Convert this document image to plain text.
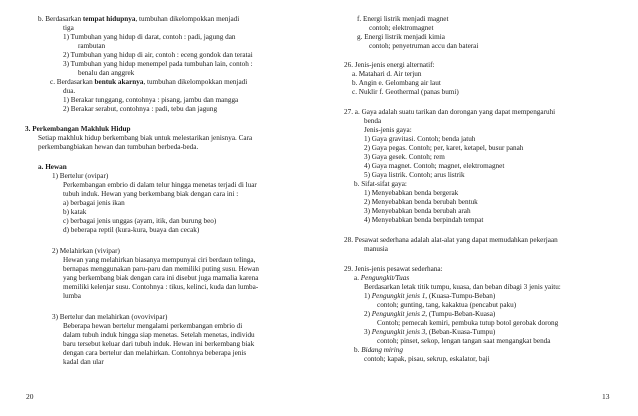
b. Berdasarkan tempat hidupnya, tumbuhan dikelompokkan menjadi
tiga
1) Tumbuhan yang hidup di darat, contoh : padi, jagung dan
rambutan
2) Tumbuhan yang hidup di air, contoh : eceng gondok dan teratai
3) Tumbuhan yang hidup menempel pada tumbuhan lain, contoh :
benalu dan anggrek
c. Berdasarkan bentuk akarnya, tumbuhan dikelompokkan menjadi
dua.
1) Berakar tunggang, contohnya : pisang, jambu dan mangga
2) Berakar serabut, contohnya : padi, tebu dan jagung
3. Perkembangan Makhluk Hidup
Setiap makhluk hidup berkembang biak untuk melestarikan jenisnya. Cara
perkembangbiakan hewan dan tumbuhan berbeda-beda.
a. Hewan
1) Bertelur (ovipar)
Perkembangan embrio di dalam telur hingga menetas terjadi di luar
tubuh induk. Hewan yang berkembang biak dengan cara ini :
a) berbagai jenis ikan
b) katak
c) berbagai jenis unggas (ayam, itik, dan burung beo)
d) beberapa reptil (kura-kura, buaya dan cecak)
2) Melahirkan (vivipar)
Hewan yang melahirkan biasanya mempunyai ciri berdaun telinga,
bernapas menggunakan paru-paru dan memiliki puting susu. Hewan
yang berkembang biak dengan cara ini disebut juga mamalia karena
memiliki kelenjar susu. Contohnya : tikus, kelinci, kuda dan lumba-
lumba
3) Bertelur dan melahirkan (ovovivipar)
Beberapa hewan bertelur mengalami perkembangan embrio di
dalam tubuh induk hingga siap menetas. Setelah menetas, individu
baru tersebut keluar dari tubuh induk. Hewan ini berkembang biak
dengan cara bertelur dan melahirkan. Contohnya beberapa jenis
kadal dan ular
f. Energi listrik menjadi magnet
contoh; elektromagnet
g. Energi listrik menjadi kimia
contoh; penyetruman accu dan baterai
26. Jenis-jenis energi alternatif:
a. Matahari d. Air terjun
b. Angin e. Gelombang air laut
c. Nuklir f. Geothermal (panas bumi)
27. a. Gaya adalah suatu tarikan dan dorongan yang dapat mempengaruhi
benda
Jenis-jenis gaya:
1) Gaya gravitasi. Contoh; benda jatuh
2) Gaya pegas. Contoh; per, karet, ketapel, busur panah
3) Gaya gesek. Contoh; rem
4) Gaya magnet. Contoh; magnet, elektromagnet
5) Gaya listrik. Contoh; arus listrik
b. Sifat-sifat gaya:
1) Menyebabkan benda bergerak
2) Menyebabkan benda berubah bentuk
3) Menyebabkan benda berubah arah
4) Menyebabkan benda berpindah tempat
28. Pesawat sederhana adalah alat-alat yang dapat memudahkan pekerjaan
manusia
29. Jenis-jenis pesawat sederhana:
a. Pengungkit/Tuas
Berdasarkan letak titik tumpu, kuasa, dan beban dibagi 3 jenis yaitu:
1) Pengungkit jenis 1, (Kuasa-Tumpu-Beban)
contoh; gunting, tang, kakaktua (pencabut paku)
2) Pengungkit jenis 2, (Tumpu-Beban-Kuasa)
Contoh; pemecah kemiri, pembuka tutup botol gerobak dorong
3) Pengungkit jenis 3, (Beban-Kuasa-Tumpu)
contoh; pinset, sekop, lengan tangan saat mengangkat benda
b. Bidang miring
contoh; kapak, pisau, sekrup, eskalator, baji
20	13
